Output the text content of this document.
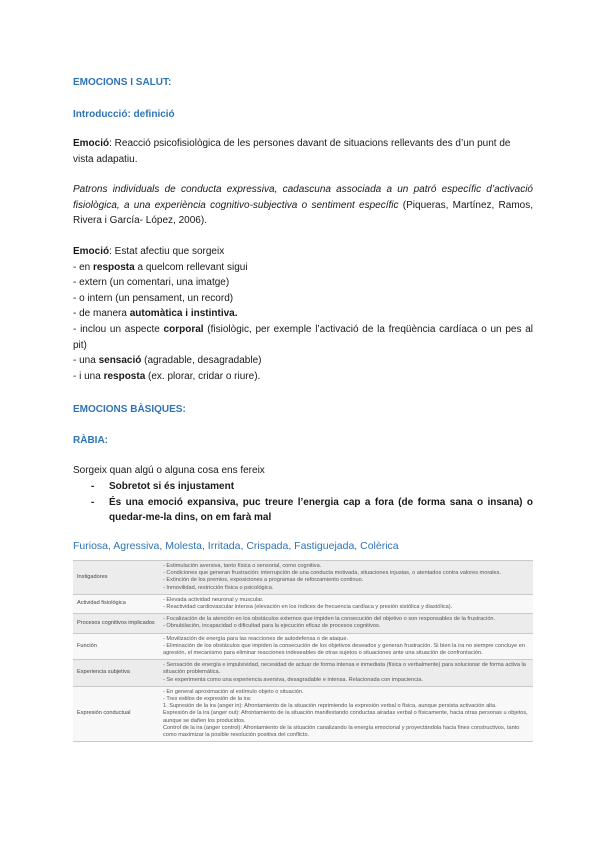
EMOCIONS I SALUT:
Introducció: definició

Emoció: Reacció psicofisiològica de les persones davant de situacions rellevants des d’un punt de vista adapatiu.

Patrons individuals de conducta expressiva, cadascuna associada a un patró específic d’activació fisiològica, a una experiència cognitivo-subjectiva o sentiment específic (Piqueras, Martínez, Ramos, Rivera i García- López, 2006).

Emoció: Estat afectiu que sorgeix
- en resposta a quelcom rellevant sigui
- extern (un comentari, una imatge)
- o intern (un pensament, un record)
- de manera automàtica i instintiva.
- inclou un aspecte corporal (fisiològic, per exemple l’activació de la freqüència cardíaca o un pes al pit)
- una sensació (agradable, desagradable)
- i una resposta (ex. plorar, cridar o riure).
EMOCIONS BÀSIQUES:
RÀBIA:
Sorgeix quan algú o alguna cosa ens fereix
- Sobretot si és injustament
- És una emoció expansiva, puc treure l’energia cap a fora (de forma sana o insana) o quedar-me-la dins, on em farà mal
Furiosa, Agressiva, Molesta, Irritada, Crispada, Fastiguejada, Colèrica
Instigadores	- Estimulación aversiva, tanto física o sensorial, como cognitiva.
- Condiciones que generan frustración: interrupción de una conducta motivada, situaciones injustas, o atentados contra valores morales.
- Extinción de los premios, exposiciones a programas de reforzamiento continuo.
- Inmovilidad, restricción física o psicológica.

Actividad fisiológica	- Elevada actividad neuronal y muscular.
- Reactividad cardiovascular intensa (elevación en los índices de frecuencia cardíaca y presión sistólica y diastólica).

Procesos cognitivos implicados	- Focalización de la atención en los obstáculos externos que impiden la consecución del objetivo o son responsables de la frustración.
- Obnubilación, incapacidad o dificultad para la ejecución eficaz de procesos cognitivos.

Función	- Movilización de energía para las reacciones de autodefensa o de ataque.
- Eliminación de los obstáculos que impiden la consecución de los objetivos deseados y generan frustración. Si bien la ira no siempre concluye en agresión, el mecanismo para eliminar reacciones indeseables de otras sujetos o situaciones ante una situación de confrontación.

Experiencia subjetiva	- Sensación de energía e impulsividad, necesidad de actuar de forma intensa e inmediata (física o verbalmente) para solucionar de forma activa la situación problemática.
- Se experimenta como una experiencia aversiva, desagradable e intensa. Relacionada con impaciencia.

Expresión conductual	- En general aproximación al estímulo objeto o situación.
- Tres estilos de expresión de la ira:
1. Supresión de la ira (anger in): Afrontamiento de la situación reprimiendo la expresión verbal o física, aunque persista activación alta.
Expresión de la ira (anger out): Afrontamiento de la situación manifestando conductas airadas verbal o físicamente, hacia otras personas u objetos, aunque se dañen los producidos.
Control de la ira (anger control): Afrontamiento de la situación canalizando la energía emocional y proyectándola hacia fines constructivos, tanto como maximizar la posible resolución positiva del conflicto.
